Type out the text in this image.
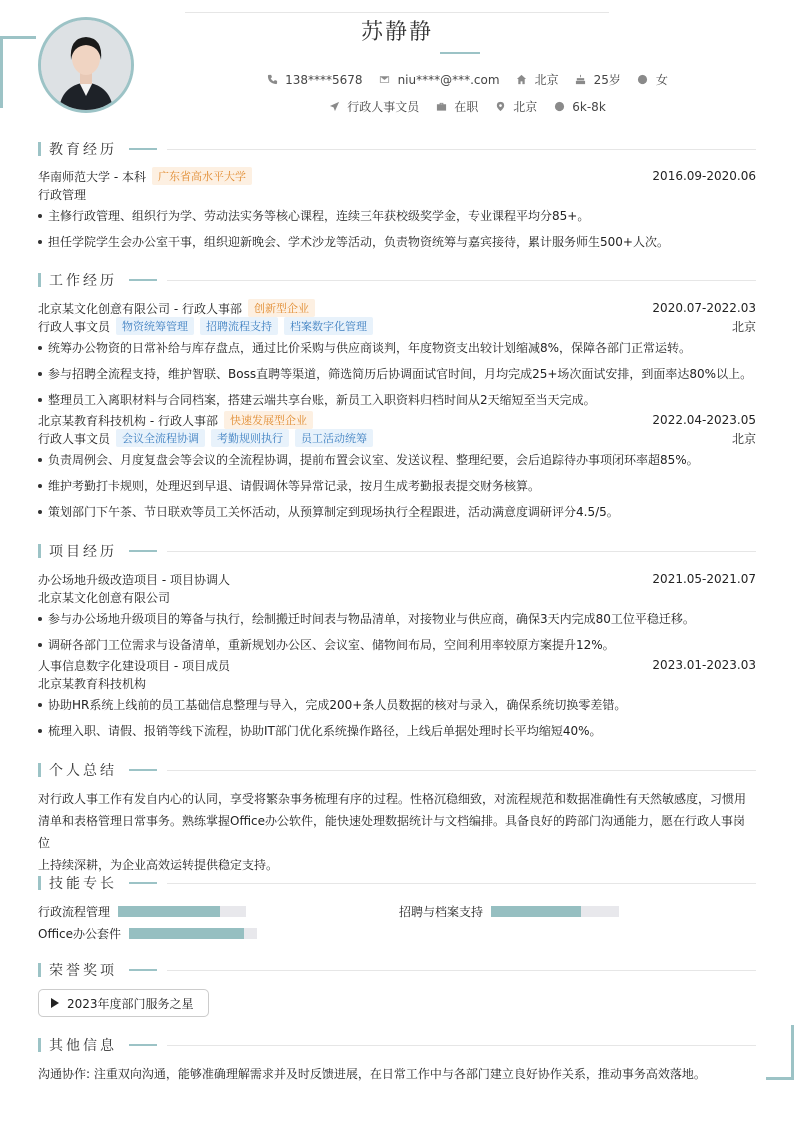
苏静静
138****5678	niu****@***.com	北京	25岁	女
行政人事文员	在职	北京	6k-8k
教育经历
华南师范大学 - 本科	广东省高水平大学	2016.09-2020.06
行政管理
主修行政管理、组织行为学、劳动法实务等核心课程，连续三年获校级奖学金，专业课程平均分85+。
担任学院学生会办公室干事，组织迎新晚会、学术沙龙等活动，负责物资统筹与嘉宾接待，累计服务师生500+人次。
工作经历
北京某文化创意有限公司 - 行政人事部	创新型企业	2020.07-2022.03
行政人事文员	物资统筹管理	招聘流程支持	档案数字化管理	北京
统筹办公物资的日常补给与库存盘点，通过比价采购与供应商谈判，年度物资支出较计划缩减8%，保障各部门正常运转。
参与招聘全流程支持，维护智联、Boss直聘等渠道，筛选简历后协调面试官时间，月均完成25+场次面试安排，到面率达80%以上。
整理员工入离职材料与合同档案，搭建云端共享台账，新员工入职资料归档时间从2天缩短至当天完成。
北京某教育科技机构 - 行政人事部	快速发展型企业	2022.04-2023.05
行政人事文员	会议全流程协调	考勤规则执行	员工活动统筹	北京
负责周例会、月度复盘会等会议的全流程协调，提前布置会议室、发送议程、整理纪要，会后追踪待办事项闭环率超85%。
维护考勤打卡规则，处理迟到早退、请假调休等异常记录，按月生成考勤报表提交财务核算。
策划部门下午茶、节日联欢等员工关怀活动，从预算制定到现场执行全程跟进，活动满意度调研评分4.5/5。
项目经历
办公场地升级改造项目 - 项目协调人	2021.05-2021.07
北京某文化创意有限公司
参与办公场地升级项目的筹备与执行，绘制搬迁时间表与物品清单，对接物业与供应商，确保3天内完成80工位平稳迁移。
调研各部门工位需求与设备清单，重新规划办公区、会议室、储物间布局，空间利用率较原方案提升12%。
人事信息数字化建设项目 - 项目成员	2023.01-2023.03
北京某教育科技机构
协助HR系统上线前的员工基础信息整理与导入，完成200+条人员数据的核对与录入，确保系统切换零差错。
梳理入职、请假、报销等线下流程，协助IT部门优化系统操作路径，上线后单据处理时长平均缩短40%。
个人总结
对行政人事工作有发自内心的认同，享受将繁杂事务梳理有序的过程。性格沉稳细致，对流程规范和数据准确性有天然敏感度，习惯用
清单和表格管理日常事务。熟练掌握Office办公软件，能快速处理数据统计与文档编排。具备良好的跨部门沟通能力，愿在行政人事岗位
上持续深耕，为企业高效运转提供稳定支持。
技能专长
行政流程管理	招聘与档案支持
Office办公套件
荣誉奖项
2023年度部门服务之星
其他信息
沟通协作: 注重双向沟通，能够准确理解需求并及时反馈进展，在日常工作中与各部门建立良好协作关系，推动事务高效落地。
